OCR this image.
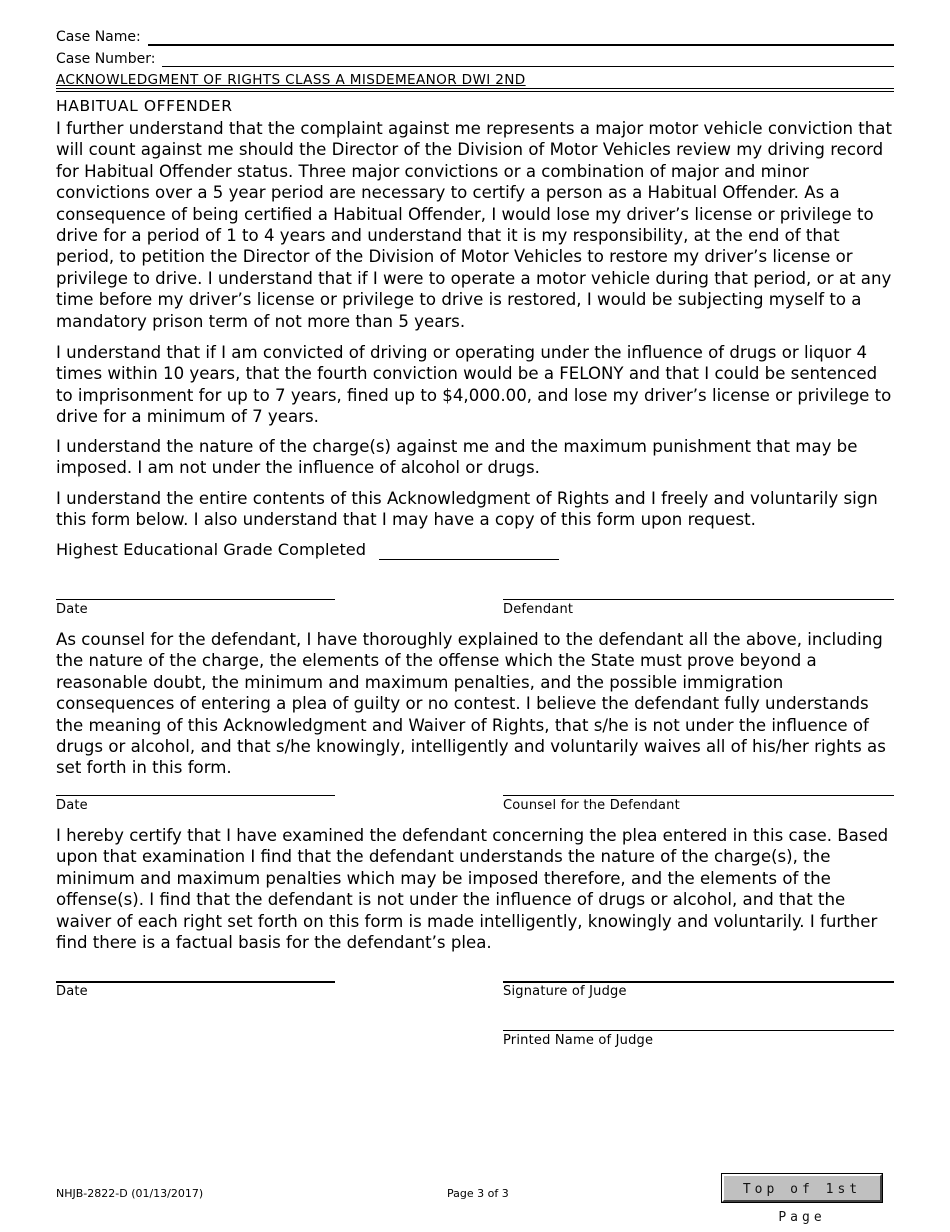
Case Name:
Case Number:
ACKNOWLEDGMENT OF RIGHTS CLASS A MISDEMEANOR DWI 2ND
HABITUAL OFFENDER
I further understand that the complaint against me represents a major motor vehicle conviction that will count against me should the Director of the Division of Motor Vehicles review my driving record for Habitual Offender status. Three major convictions or a combination of major and minor convictions over a 5 year period are necessary to certify a person as a Habitual Offender. As a consequence of being certified a Habitual Offender, I would lose my driver’s license or privilege to drive for a period of 1 to 4 years and understand that it is my responsibility, at the end of that period, to petition the Director of the Division of Motor Vehicles to restore my driver’s license or privilege to drive. I understand that if I were to operate a motor vehicle during that period, or at any time before my driver’s license or privilege to drive is restored, I would be subjecting myself to a mandatory prison term of not more than 5 years.
I understand that if I am convicted of driving or operating under the influence of drugs or liquor 4 times within 10 years, that the fourth conviction would be a FELONY and that I could be sentenced to imprisonment for up to 7 years, fined up to $4,000.00, and lose my driver’s license or privilege to drive for a minimum of 7 years.
I understand the nature of the charge(s) against me and the maximum punishment that may be imposed. I am not under the influence of alcohol or drugs.
I understand the entire contents of this Acknowledgment of Rights and I freely and voluntarily sign this form below. I also understand that I may have a copy of this form upon request.
Highest Educational Grade Completed
Date	Defendant
As counsel for the defendant, I have thoroughly explained to the defendant all the above, including the nature of the charge, the elements of the offense which the State must prove beyond a reasonable doubt, the minimum and maximum penalties, and the possible immigration consequences of entering a plea of guilty or no contest. I believe the defendant fully understands the meaning of this Acknowledgment and Waiver of Rights, that s/he is not under the influence of drugs or alcohol, and that s/he knowingly, intelligently and voluntarily waives all of his/her rights as set forth in this form.
Date	Counsel for the Defendant
I hereby certify that I have examined the defendant concerning the plea entered in this case. Based upon that examination I find that the defendant understands the nature of the charge(s), the minimum and maximum penalties which may be imposed therefore, and the elements of the offense(s). I find that the defendant is not under the influence of drugs or alcohol, and that the waiver of each right set forth on this form is made intelligently, knowingly and voluntarily. I further find there is a factual basis for the defendant’s plea.
Date	Signature of Judge
Printed Name of Judge
NHJB-2822-D (01/13/2017)	Page 3 of 3	Top of 1st Page
